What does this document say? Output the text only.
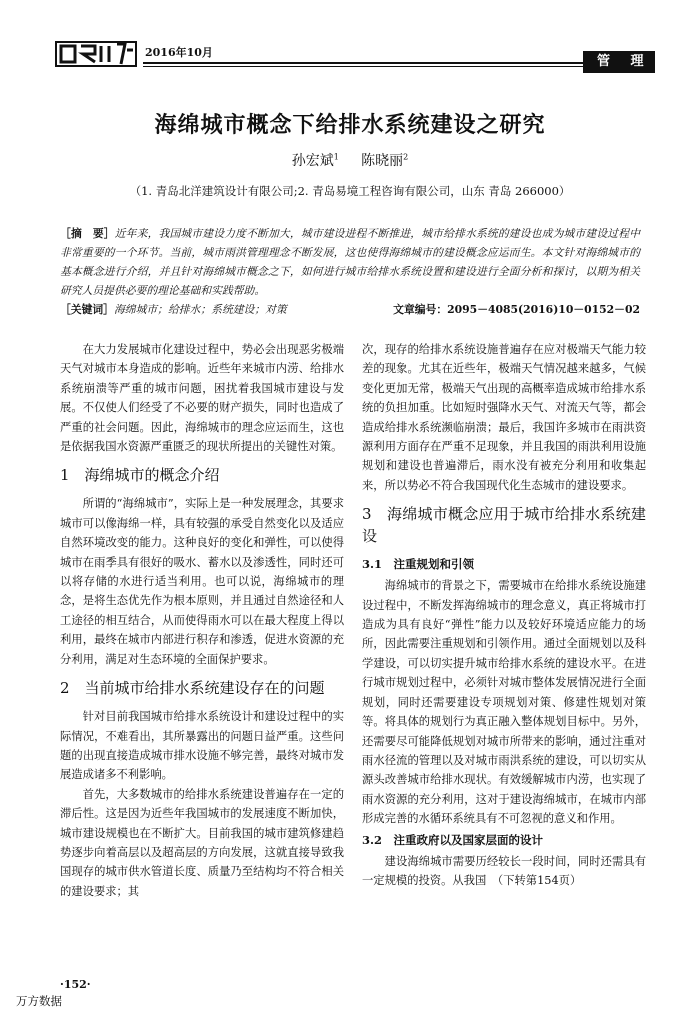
2016年10月
管 理
海绵城市概念下给排水系统建设之研究
孙宏斌$^1$ 陈晓丽$^2$
（1. 青岛北洋建筑设计有限公司;2. 青岛易境工程咨询有限公司，山东 青岛 266000）
［摘　要］近年来，我国城市建设力度不断加大，城市建设进程不断推进，城市给排水系统的建设也成为城市建设过程中非常重要的一个环节。当前，城市雨洪管理理念不断发展，这也使得海绵城市的建设概念应运而生。本文针对海绵城市的基本概念进行介绍，并且针对海绵城市概念之下，如何进行城市给排水系统设置和建设进行全面分析和探讨，以期为相关研究人员提供必要的理论基础和实践帮助。
［关键词］海绵城市；给排水；系统建设；对策	文章编号：2095－4085(2016)10－0152－02

在大力发展城市化建设过程中，势必会出现恶劣极端天气对城市本身造成的影响。近些年来城市内涝、给排水系统崩溃等严重的城市问题，困扰着我国城市建设与发展。不仅使人们经受了不必要的财产损失，同时也造成了严重的社会问题。因此，海绵城市的理念应运而生，这也是依据我国水资源严重匮乏的现状所提出的关键性对策。

1　海绵城市的概念介绍

所谓的“海绵城市”，实际上是一种发展理念，其要求城市可以像海绵一样，具有较强的承受自然变化以及适应自然环境改变的能力。这种良好的变化和弹性，可以使得城市在雨季具有很好的吸水、蓄水以及渗透性，同时还可以将存储的水进行适当利用。也可以说，海绵城市的理念，是将生态优先作为根本原则，并且通过自然途径和人工途径的相互结合，从而使得雨水可以在最大程度上得以利用，最终在城市内部进行积存和渗透，促进水资源的充分利用，满足对生态环境的全面保护要求。

2　当前城市给排水系统建设存在的问题

针对目前我国城市给排水系统设计和建设过程中的实际情况，不难看出，其所暴露出的问题日益严重。这些问题的出现直接造成城市排水设施不够完善，最终对城市发展造成诸多不利影响。

首先，大多数城市的给排水系统建设普遍存在一定的滞后性。这是因为近些年我国城市的发展速度不断加快，城市建设规模也在不断扩大。目前我国的城市建筑修建趋势逐步向着高层以及超高层的方向发展，这就直接导致我国现存的城市供水管道长度、质量乃至结构均不符合相关的建设要求；其

次，现存的给排水系统设施普遍存在应对极端天气能力较差的现象。尤其在近些年，极端天气情况越来越多，气候变化更加无常，极端天气出现的高概率造成城市给排水系统的负担加重。比如短时强降水天气、对流天气等，都会造成给排水系统濒临崩溃；最后，我国许多城市在雨洪资源利用方面存在严重不足现象，并且我国的雨洪利用设施规划和建设也普遍滞后，雨水没有被充分利用和收集起来，所以势必不符合我国现代化生态城市的建设要求。

3　海绵城市概念应用于城市给排水系统建设
3.1　注重规划和引领

海绵城市的背景之下，需要城市在给排水系统设施建设过程中，不断发挥海绵城市的理念意义，真正将城市打造成为具有良好“弹性”能力以及较好环境适应能力的场所，因此需要注重规划和引领作用。通过全面规划以及科学建设，可以切实提升城市给排水系统的建设水平。在进行城市规划过程中，必须针对城市整体发展情况进行全面规划，同时还需要建设专项规划对策、修建性规划对策等。将具体的规划行为真正融入整体规划目标中。另外，还需要尽可能降低规划对城市所带来的影响，通过注重对雨水径流的管理以及对城市雨洪系统的建设，可以切实从源头改善城市给排水现状。有效缓解城市内涝，也实现了雨水资源的充分利用，这对于建设海绵城市，在城市内部形成完善的水循环系统具有不可忽视的意义和作用。

3.2　注重政府以及国家层面的设计

建设海绵城市需要历经较长一段时间，同时还需具有一定规模的投资。从我国　（下转第154页）

·152·
万方数据
